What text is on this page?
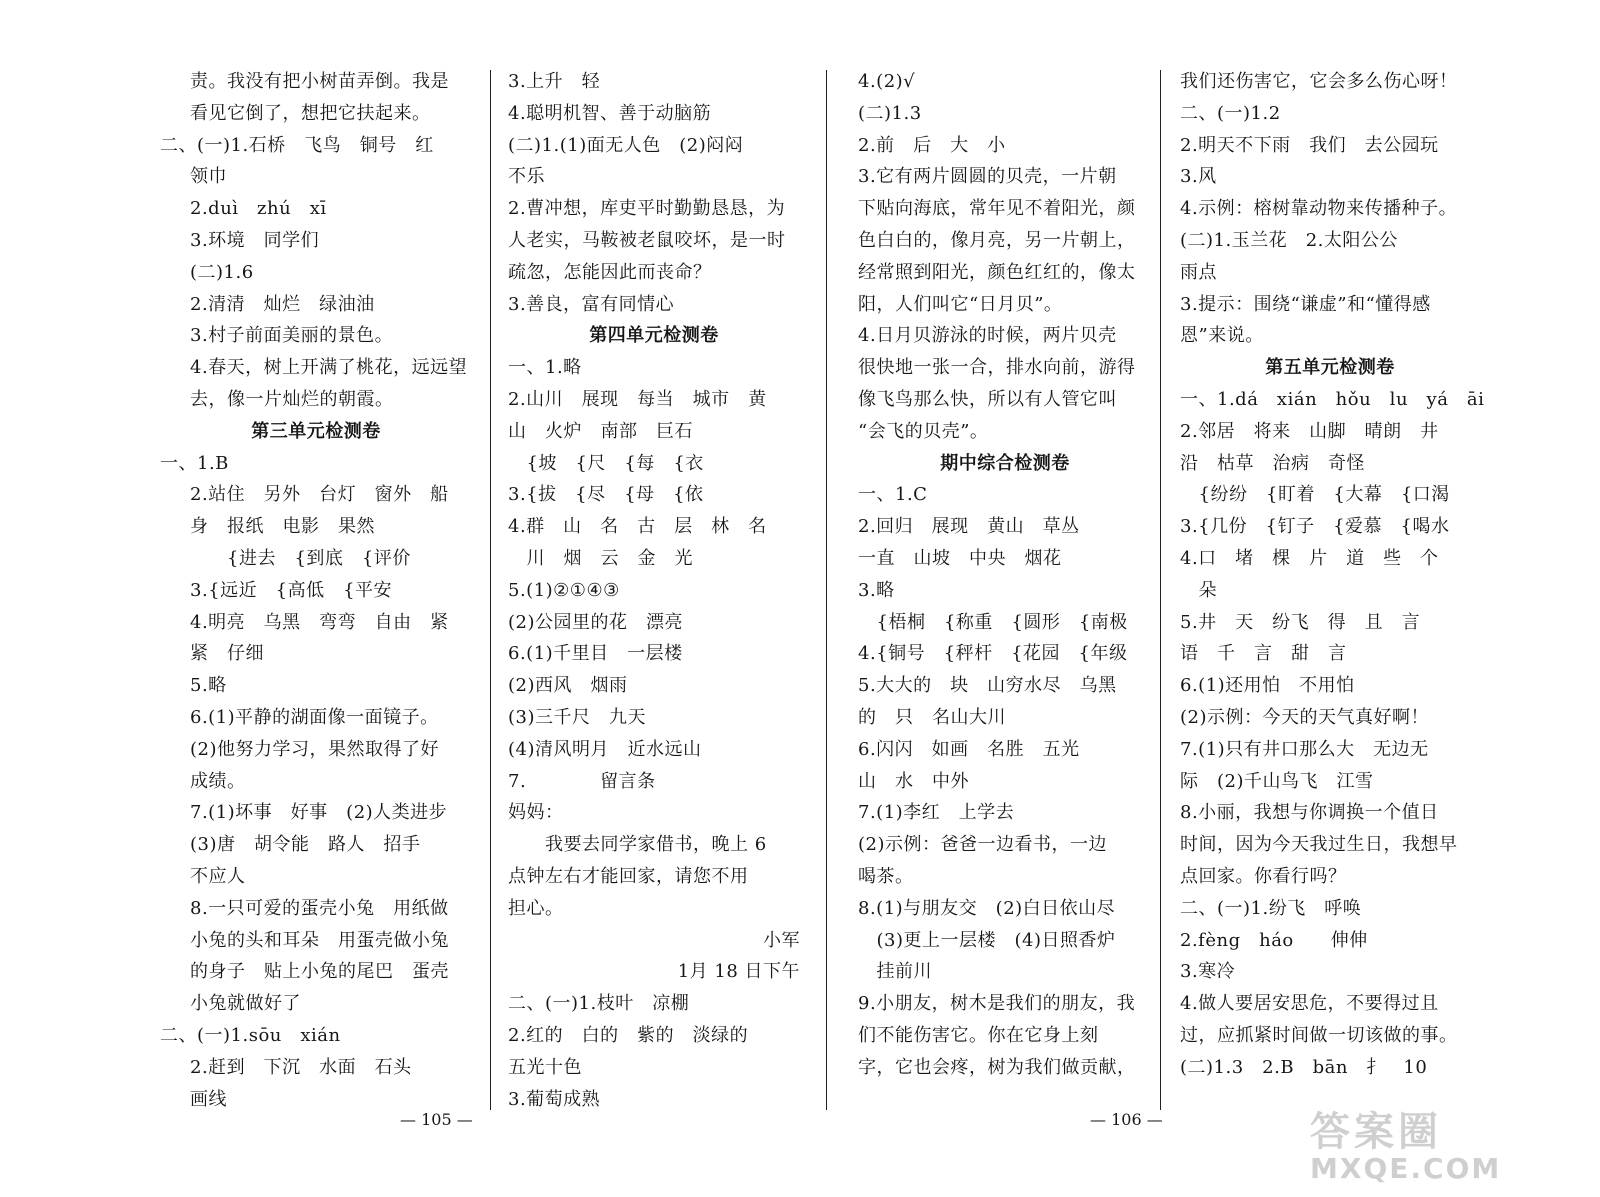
责。我没有把小树苗弄倒。我是
看见它倒了，想把它扶起来。
二、(一)1.石桥　飞鸟　铜号　红
领巾
2.duì　zhú　xī
3.环境　同学们
(二)1.6
2.清清　灿烂　绿油油
3.村子前面美丽的景色。
4.春天，树上开满了桃花，远远望
去，像一片灿烂的朝霞。
第三单元检测卷
一、1.B
2.站住　另外　台灯　窗外　船
身　报纸　电影　果然
　　{进去　{到底　{评价
3.{远近　{高低　{平安
4.明亮　乌黑　弯弯　自由　紧
紧　仔细
5.略
6.(1)平静的湖面像一面镜子。
(2)他努力学习，果然取得了好
成绩。
7.(1)坏事　好事　(2)人类进步
(3)唐　胡令能　路人　招手
不应人
8.一只可爱的蛋壳小兔　用纸做
小兔的头和耳朵　用蛋壳做小兔
的身子　贴上小兔的尾巴　蛋壳
小兔就做好了
二、(一)1.sōu　xián
2.赶到　下沉　水面　石头
画线
3.上升　轻
4.聪明机智、善于动脑筋
(二)1.(1)面无人色　(2)闷闷
不乐
2.曹冲想，库吏平时勤勤恳恳，为
人老实，马鞍被老鼠咬坏，是一时
疏忽，怎能因此而丧命？
3.善良，富有同情心
第四单元检测卷
一、1.略
2.山川　展现　每当　城市　黄
山　火炉　南部　巨石
　{坡　{尺　{每　{衣
3.{拔　{尽　{母　{依
4.群　山　名　古　层　林　名
　川　烟　云　金　光
5.(1)②①④③
(2)公园里的花　漂亮
6.(1)千里目　一层楼
(2)西风　烟雨
(3)三千尺　九天
(4)清风明月　近水远山
7.　　　　留言条
妈妈：
　　我要去同学家借书，晚上 6
点钟左右才能回家，请您不用
担心。
小军
1月 18 日下午
二、(一)1.枝叶　凉棚
2.红的　白的　紫的　淡绿的
五光十色
3.葡萄成熟
4.(2)√
(二)1.3
2.前　后　大　小
3.它有两片圆圆的贝壳，一片朝
下贴向海底，常年见不着阳光，颜
色白白的，像月亮，另一片朝上，
经常照到阳光，颜色红红的，像太
阳，人们叫它“日月贝”。
4.日月贝游泳的时候，两片贝壳
很快地一张一合，排水向前，游得
像飞鸟那么快，所以有人管它叫
“会飞的贝壳”。
期中综合检测卷
一、1.C
2.回归　展现　黄山　草丛
一直　山坡　中央　烟花
3.略
　{梧桐　{称重　{圆形　{南极
4.{铜号　{秤杆　{花园　{年级
5.大大的　块　山穷水尽　乌黑
的　只　名山大川
6.闪闪　如画　名胜　五光
山　水　中外
7.(1)李红　上学去
(2)示例：爸爸一边看书，一边
喝茶。
8.(1)与朋友交　(2)白日依山尽
　(3)更上一层楼　(4)日照香炉
　挂前川
9.小朋友，树木是我们的朋友，我
们不能伤害它。你在它身上刻
字，它也会疼，树为我们做贡献，
我们还伤害它，它会多么伤心呀！
二、(一)1.2
2.明天不下雨　我们　去公园玩
3.风
4.示例：榕树靠动物来传播种子。
(二)1.玉兰花　2.太阳公公
雨点
3.提示：围绕“谦虚”和“懂得感
恩”来说。
第五单元检测卷
一、1.dá　xián　hǒu　lu　yá　āi
2.邻居　将来　山脚　晴朗　井
沿　枯草　治病　奇怪
　{纷纷　{盯着　{大幕　{口渴
3.{几份　{钉子　{爱慕　{喝水
4.口　堵　棵　片　道　些　个
　朵
5.井　天　纷飞　得　且　言
语　千　言　甜　言
6.(1)还用怕　不用怕
(2)示例：今天的天气真好啊！
7.(1)只有井口那么大　无边无
际　(2)千山鸟飞　江雪
8.小丽，我想与你调换一个值日
时间，因为今天我过生日，我想早
点回家。你看行吗？
二、(一)1.纷飞　呼唤
2.fèng　háo　　伸伸
3.寒冷
4.做人要居安思危，不要得过且
过，应抓紧时间做一切该做的事。
(二)1.3　2.B　bān　扌　10
— 105 —	— 106 —	答案圈
MXQE.COM
